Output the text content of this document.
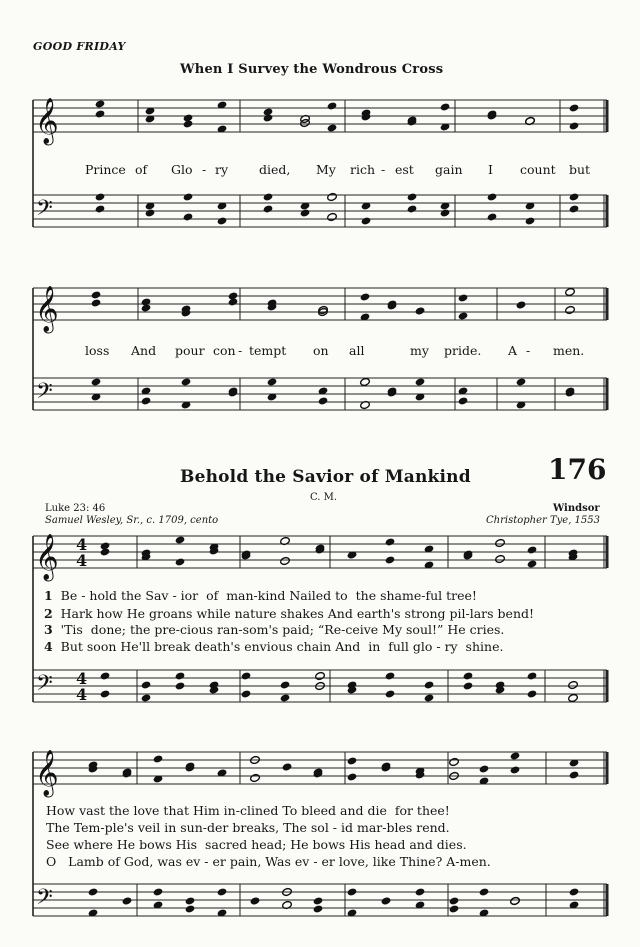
𝄞
𝄢
𝄞
𝄢
𝄞
𝄢
𝄞
𝄢
4
4
4
4
GOOD FRIDAY
When I Survey the Wondrous Cross
Prince of Glo - ry died, My rich - est gain I count but
loss And pour con - tempt on all	my pride. A - men.
Behold the Savior of Mankind	176
C. M.
Luke 23: 46
Samuel Wesley, Sr., c. 1709, cento
Windsor
Christopher Tye, 1553
1 Be - hold the Sav - ior  of  man-kind Nailed to  the shame-ful tree!
2 Hark how He groans while nature shakes And earth's strong pil-lars bend!
3 'Tis  done; the pre-cious ran-som's paid; “Re-ceive My soul!” He cries.
4 But soon He'll break death's envious chain And  in  full glo - ry  shine.
How vast the love that Him in-clined To bleed and die  for thee!
The Tem-ple's veil in sun-der breaks, The sol - id mar-bles rend.
See where He bows His  sacred head; He bows His head and dies.
O   Lamb of God, was ev - er pain, Was ev - er love, like Thine? A-men.
